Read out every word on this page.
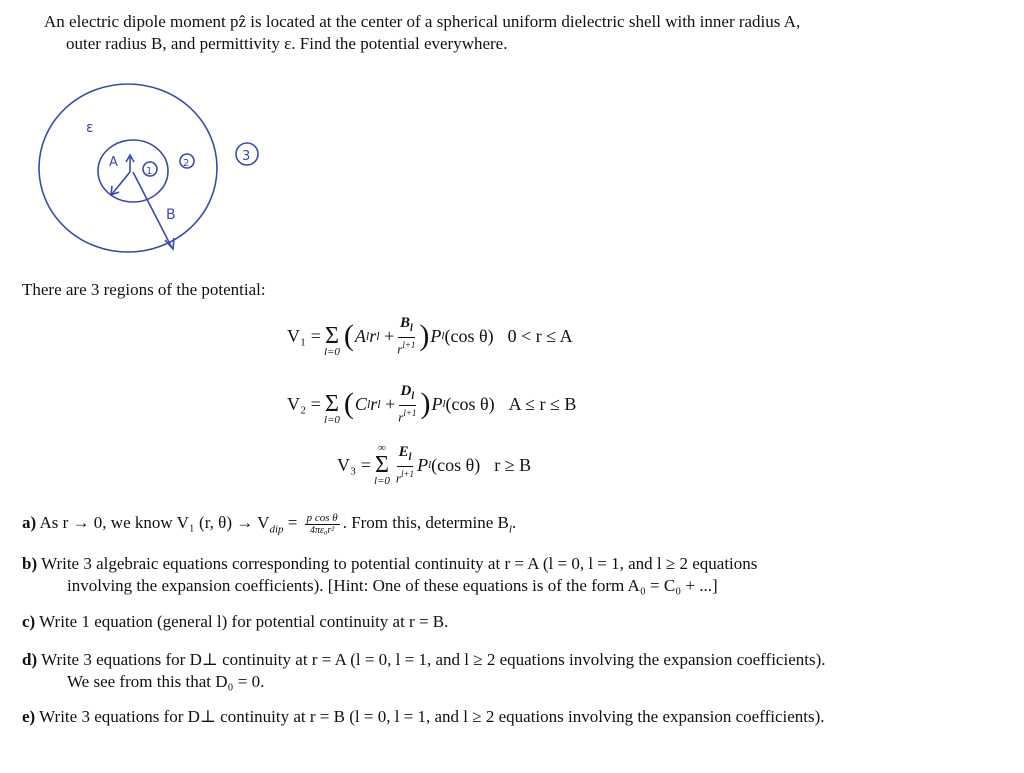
An electric dipole moment pẑ is located at the center of a spherical uniform dielectric shell with inner radius A,
outer radius B, and permittivity ε. Find the potential everywhere.
ε
A
B
1
2	3
There are 3 regions of the potential:
V₁ = Σ
l=0 ( A l r $l + \frac{B_l}{r^{l+1}}$ ) P l (cos θ) 0 < r ≤ A
V₂ = Σ
l=0 ( C l r $l + \frac{D_l}{r^{l+1}}$ ) P l (cos θ) A ≤ r ≤ B
V₃ =
∞
Σ
$l=0 \frac{E_l}{r^{l+1}}$ P l (cos θ) r ≥ B
a) As r → 0, we know V₁ (r, $\theta) \to V_{dip} = \frac{\text{p cos θ}}{\text{4πε₀r²}}$ . From this, determine $B_l$.
b) Write 3 algebraic equations corresponding to potential continuity at r = A (l = 0, l = 1, and l ≥ 2 equations
involving the expansion coefficients). [Hint: One of these equations is of the form A₀ = C₀ + ...]
c) Write 1 equation (general l) for potential continuity at r = B.
d) Write 3 equations for D⊥ continuity at r = A (l = 0, l = 1, and l ≥ 2 equations involving the expansion coefficients).
We see from this that D₀ = 0.
e) Write 3 equations for D⊥ continuity at r = B (l = 0, l = 1, and l ≥ 2 equations involving the expansion coefficients).
